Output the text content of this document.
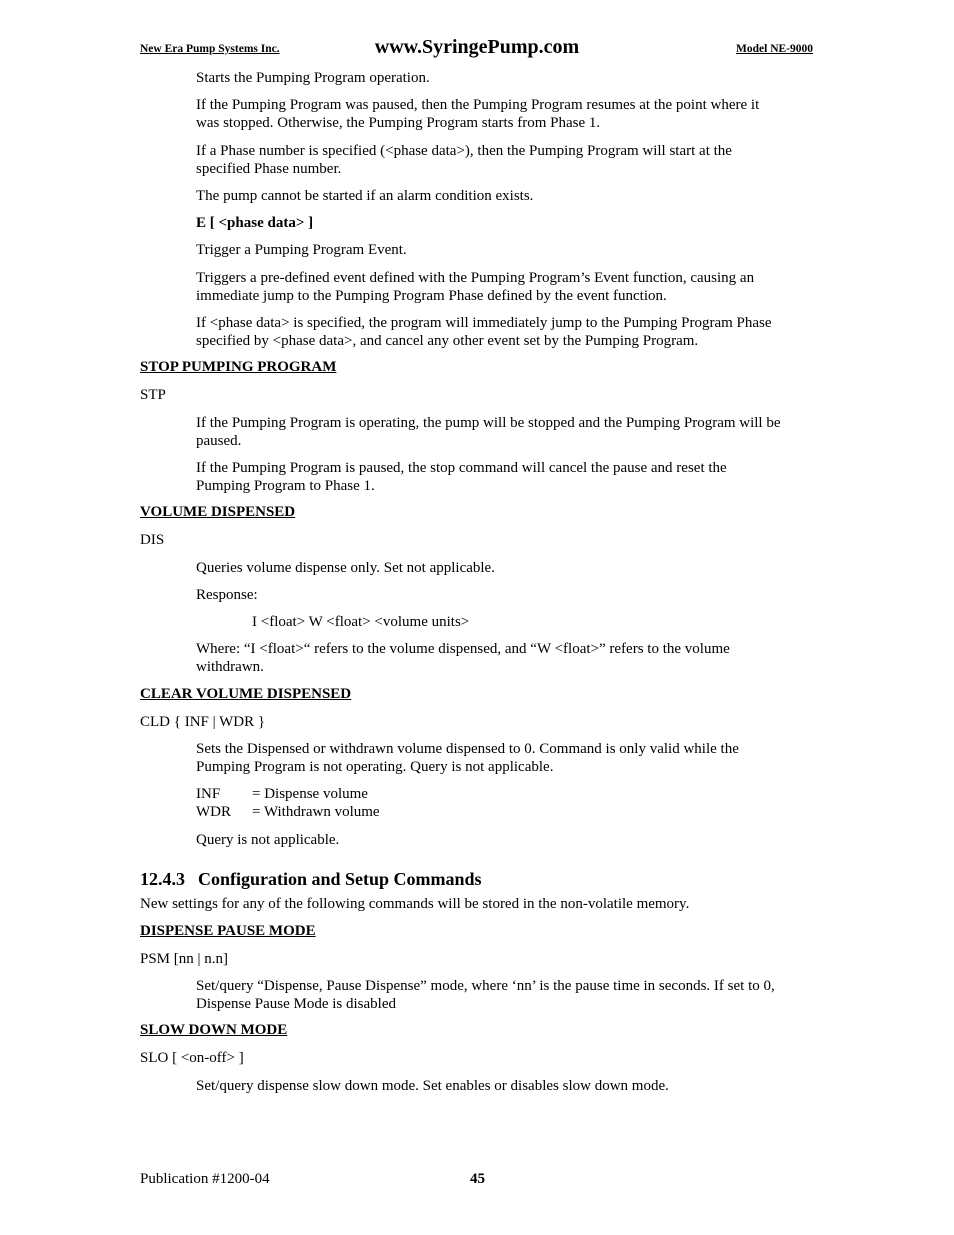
New Era Pump Systems Inc.	www.SyringePump.com	Model NE-9000
Starts the Pumping Program operation.
If the Pumping Program was paused, then the Pumping Program resumes at the point where it
was stopped. Otherwise, the Pumping Program starts from Phase 1.
If a Phase number is specified (<phase data>), then the Pumping Program will start at the
specified Phase number.
The pump cannot be started if an alarm condition exists.
E [ <phase data> ]
Trigger a Pumping Program Event.
Triggers a pre-defined event defined with the Pumping Program’s Event function, causing an
immediate jump to the Pumping Program Phase defined by the event function.
If <phase data> is specified, the program will immediately jump to the Pumping Program Phase
specified by <phase data>, and cancel any other event set by the Pumping Program.
STOP PUMPING PROGRAM
STP
If the Pumping Program is operating, the pump will be stopped and the Pumping Program will be
paused.
If the Pumping Program is paused, the stop command will cancel the pause and reset the
Pumping Program to Phase 1.
VOLUME DISPENSED
DIS
Queries volume dispense only. Set not applicable.
Response:
I <float> W <float> <volume units>
Where: “I <float>“ refers to the volume dispensed, and “W <float>” refers to the volume
withdrawn.
CLEAR VOLUME DISPENSED
CLD { INF | WDR }
Sets the Dispensed or withdrawn volume dispensed to 0. Command is only valid while the
Pumping Program is not operating. Query is not applicable.
INF = Dispense volume
WDR = Withdrawn volume
Query is not applicable.
12.4.3 Configuration and Setup Commands
New settings for any of the following commands will be stored in the non-volatile memory.
DISPENSE PAUSE MODE
PSM [nn | n.n]
Set/query “Dispense, Pause Dispense” mode, where ‘nn’ is the pause time in seconds. If set to 0,
Dispense Pause Mode is disabled
SLOW DOWN MODE
SLO [ <on-off> ]
Set/query dispense slow down mode. Set enables or disables slow down mode.
Publication #1200-04	45
